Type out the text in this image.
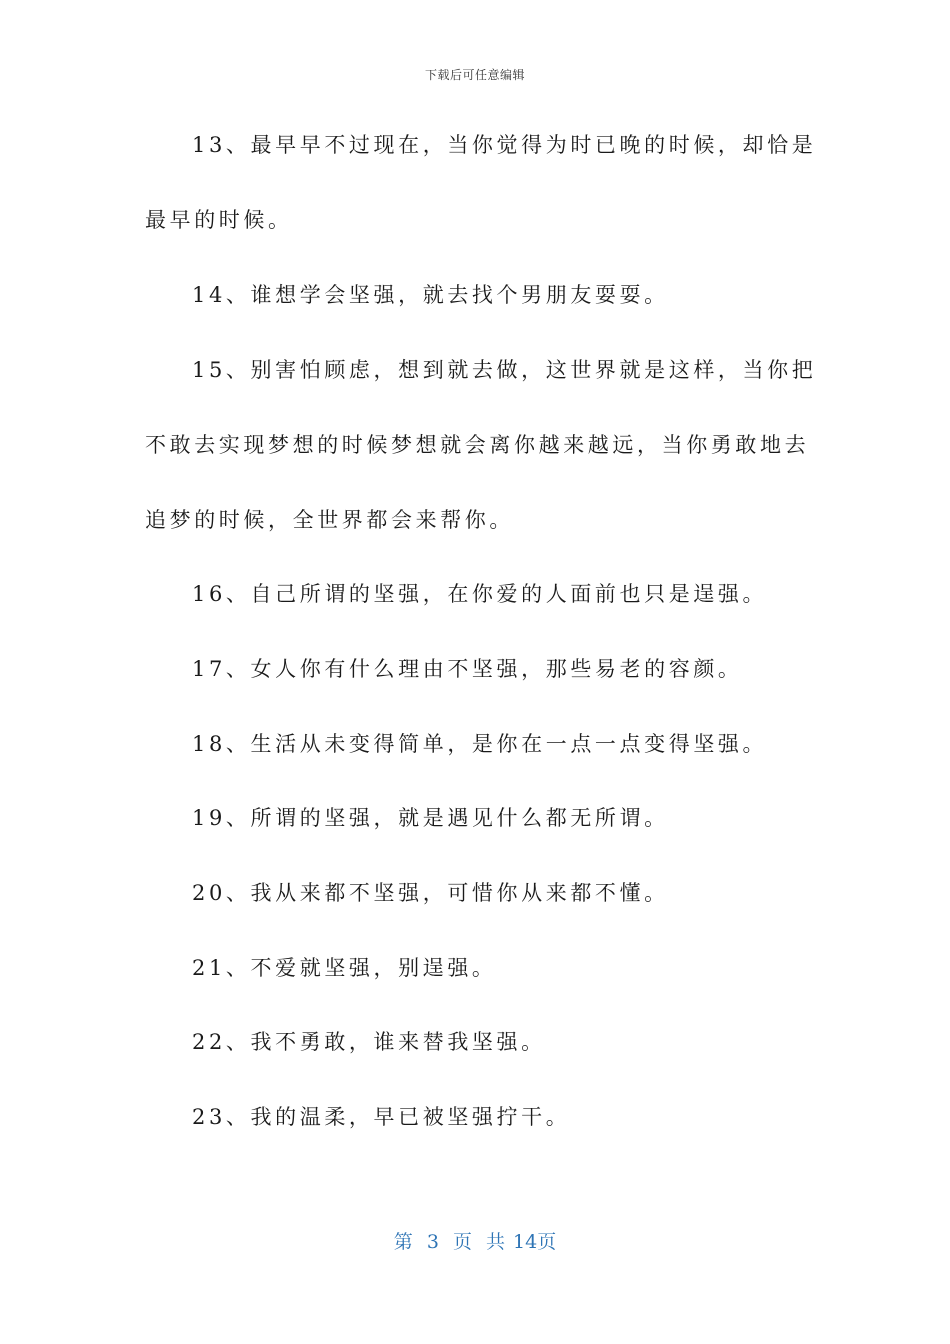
下载后可任意编辑
13、最早早不过现在，当你觉得为时已晚的时候，却恰是
最早的时候。
14、谁想学会坚强，就去找个男朋友耍耍。
15、别害怕顾虑，想到就去做，这世界就是这样，当你把
不敢去实现梦想的时候梦想就会离你越来越远，当你勇敢地去
追梦的时候，全世界都会来帮你。
16、自己所谓的坚强，在你爱的人面前也只是逞强。
17、女人你有什么理由不坚强，那些易老的容颜。
18、生活从未变得简单，是你在一点一点变得坚强。
19、所谓的坚强，就是遇见什么都无所谓。
20、我从来都不坚强，可惜你从来都不懂。
21、不爱就坚强，别逞强。
22、我不勇敢，谁来替我坚强。
23、我的温柔，早已被坚强拧干。
第 3 页 共 14页
